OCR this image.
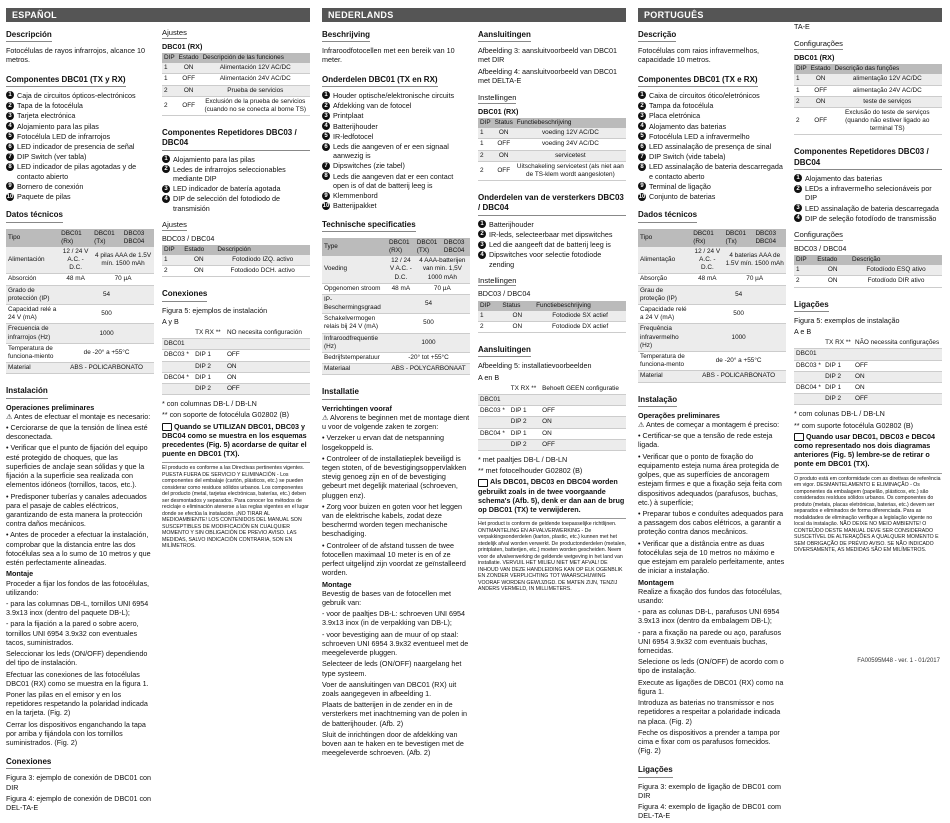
ESPAÑOL
Descripción

Fotocélulas de rayos infrarrojos, alcance 10 metros.

Componentes DBC01 (TX y RX)
1 Caja de circuitos ópticos-electrónicos
2 Tapa de la fotocélula
3 Tarjeta electrónica
4 Alojamiento para las pilas
5 Fotocélula LED de infrarrojos
6 LED indicador de presencia de señal
7 DIP Switch (ver tabla)
8 LED indicador de pilas agotadas y de contacto abierto
9 Bornero de conexión
10 Paquete de pilas
Datos técnicos
Tipo	DBC01 (Rx)	DBC01 (Tx)	DBC03 DBC04
Alimentación	12 / 24 V A.C. - D.C.	4 pilas AAA de 1.5V mín. 1500 mAh	
Absorción	48 mA	70 µA	
Grado de protección (IP)	54		
Capacidad relé a 24 V (mA)	500		
Frecuencia de infrarrojos (Hz)	1000		
Temperatura de funciona-miento	de -20° a +55°C		
Material	ABS - POLICARBONATO		
Instalación
Operaciones preliminares

⚠ Antes de efectuar el montaje es necesario:

• Cerciorarse de que la tensión de línea esté desconectada.

• Verificar que el punto de fijación del equipo esté protegido de choques, que las superficies de anclaje sean sólidas y que la fijación a la superficie sea realizada con elementos idóneos (tornillos, tacos, etc.).

• Predisponer tuberías y canales adecuados para el pasaje de cables eléctricos, garantizando de esta manera la protección contra daños mecánicos.

• Antes de proceder a efectuar la instalación, comprobar que la distancia entre las dos fotocélulas sea a lo sumo de 10 metros y que estén perfectamente alineadas.

Montaje

Proceder a fijar los fondos de las fotocélulas, utilizando:

- para las columnas DB-L, tornillos UNI 6954 3.9x13 inox (dentro del paquete DB-L);

- para la fijación a la pared o sobre acero, tornillos UNI 6954 3.9x32 con eventuales tacos, suministrados.

Seleccionar los leds (ON/OFF) dependiendo del tipo de instalación.

Efectuar las conexiones de las fotocélulas DBC01 (RX) como se muestra en la figura 1.

Poner las pilas en el emisor y en los repetidores respetando la polaridad indicada en la tarjeta. (Fig. 2)

Cerrar los dispositivos enganchando la tapa por arriba y fijándola con los tornillos suministrados. (Fig. 2)

Conexiones

Figura 3: ejemplo de conexión de DBC01 con DIR

Figura 4: ejemplo de conexión de DBC01 con DEL-TA-E

Ajustes
DBC01 (RX)
DIP	Estado	Descripción de las funciones
1	ON	Alimentación 12V AC/DC
1	OFF	Alimentación 24V AC/DC
2	ON	Prueba de servicios
2	OFF	Exclusión de la prueba de servicios (cuando no se conecta al borne TS)
Componentes Repetidores DBC03 / DBC04
1 Alojamiento para las pilas
2 Ledes de infrarrojos seleccionables mediante DIP
3 LED indicador de batería agotada
4 DIP de selección del fotodiodo de transmisión
Ajustes
BDC03 / DBC04
DIP	Estado	Descripción
1	ON	Fotodiodo IZQ. activo
2	ON	Fotodiodo DCH. activo
Conexiones

Figura 5: ejemplos de instalación

A y B

	TX RX **	NO necesita configuración
DBC01		
DBC03 *	DIP 1	OFF
	DIP 2	ON
DBC04 *	DIP 1	ON
	DIP 2	OFF

* con columnas DB-L / DB-LN

** con soporte de fotocélula G02802 (B)

Quando se UTILIZAN DBC01, DBC03 y DBC04 como se muestra en los esquemas precedentes (Fig. 5) acordarse de quitar el puente en DBC01 (TX).

El producto es conforme a las Directivas pertinentes vigentes. PUESTA FUERA DE SERVICIO Y ELIMINACIÓN - Los componentes del embalaje (cartón, plásticos, etc.) se pueden considerar como residuos sólidos urbanos. Los componentes del producto (metal, tarjetas electrónicas, baterías, etc.) deben ser desmontados y separados. Para conocer los métodos de reciclaje o eliminación atenerse a las reglas vigentes en el lugar donde se efectúa la instalación. ¡NO TIRAR AL MEDIOAMBIENTE! LOS CONTENIDOS DEL MANUAL SON SUSCEPTIBLES DE MODIFICACIÓN EN CUALQUIER MOMENTO Y SIN OBLIGACIÓN DE PREVIO AVISO. LAS MEDIDAS, SALVO INDICACIÓN CONTRARIA, SON EN MILÍMETROS.
NEDERLANDS
Beschrijving

Infraroodfotocellen met een bereik van 10 meter.

Onderdelen DBC01 (TX en RX)
1 Houder optische/elektronische circuits
2 Afdekking van de fotocel
3 Printplaat
4 Batterijhouder
5 IR-ledfotocel
6 Leds die aangeven of er een signaal aanwezig is
7 Dipswitches (zie tabel)
8 Leds die aangeven dat er een contact open is of dat de batterij leeg is
9 Klemmenbord
10 Batterijpakket
Technische specificaties
Type	DBC01 (RX)	DBC01 (TX)	DBC03 DBC04
Voeding	12 / 24 V A.C. - D.C.	4 AAA-batterijen van min. 1,5V 1000 mAh	
Opgenomen stroom	48 mA	70 µA	
IP-Beschermingsgraad	54		
Schakelvermogen relais bij 24 V (mA)	500		
Infraroodfrequentie (Hz)	1000		
Bedrijfstemperatuur	-20° tot +55°C		
Materiaal	ABS - POLYCARBONAAT		
Installatie
Verrichtingen vooraf

⚠ Alvorens te beginnen met de montage dient u voor de volgende zaken te zorgen:

• Verzeker u ervan dat de netspanning losgekoppeld is.

• Controleer of de installatieplek beveiligd is tegen stoten, of de bevestigingsoppervlakken stevig genoeg zijn en of de bevestiging gebeurt met degelijk materiaal (schroeven, pluggen enz).

• Zorg voor buizen en goten voor het leggen van de elektrische kabels, zodat deze beschermd worden tegen mechanische beschadiging.

• Controleer of de afstand tussen de twee fotocellen maximaal 10 meter is en of ze perfect uitgelijnd zijn voordat ze geïnstalleerd worden.

Montage

Bevestig de bases van de fotocellen met gebruik van:

- voor de paaltjes DB-L: schroeven UNI 6954 3.9x13 inox (in de verpakking van DB-L);

- voor bevestiging aan de muur of op staal: schroeven UNI 6954 3.9x32 eventueel met de meegeleverde pluggen.

Selecteer de leds (ON/OFF) naargelang het type systeem.

Voer de aansluitingen van DBC01 (RX) uit zoals aangegeven in afbeelding 1.

Plaats de batterijen in de zender en in de versterkers met inachtneming van de polen in de batterijhouder. (Afb. 2)

Sluit de inrichtingen door de afdekking van boven aan te haken en te bevestigen met de meegeleverde schroeven. (Afb. 2)

Aansluitingen

Afbeelding 3: aansluitvoorbeeld van DBC01 met DIR

Afbeelding 4: aansluitvoorbeeld van DBC01 met DELTA-E

Instellingen
DBC01 (RX)
DIP	Status	Functiebeschrijving
1	ON	voeding 12V AC/DC
1	OFF	voeding 24V AC/DC
2	ON	servicetest
2	OFF	Uitschakeling servicetest (als niet aan de TS-klem wordt aangesloten)
Onderdelen van de versterkers DBC03 / DBC04
1 Batterijhouder
2 IR-leds, selecteerbaar met dipswitches
3 Led die aangeeft dat de batterij leeg is
4 Dipswitches voor selectie fotodiode zending
Instellingen
BDC03 / DBC04
DIP	Status	Functiebeschrijving
1	ON	Fotodiode SX actief
2	ON	Fotodiode DX actief
Aansluitingen

Afbeelding 5: installatievoorbeelden

A en B

	TX RX **	Behoeft GEEN configuratie
DBC01		
DBC03 *	DIP 1	OFF
	DIP 2	ON
DBC04 *	DIP 1	ON
	DIP 2	OFF

* met paaltjes DB-L / DB-LN

** met fotocelhouder G02802 (B)

Als DBC01, DBC03 en DBC04 worden gebruikt zoals in de twee voorgaande schema's (Afb. 5), denk er dan aan de brug op DBC01 (TX) te verwijderen.

Het product is conform de geldende toepasselijke richtlijnen. ONTMANTELING EN AFVALVERWERKING - De verpakkingsonderdelen (karton, plastic, etc.) kunnen met het stedelijk afval worden verwerkt. De productonderdelen (metalen, printplaten, batterijen, etc.) moeten worden gescheiden. Neem voor de afvalverwerking de geldende wetgeving in het land van installatie. VERVUIL HET MILIEU NIET MET AFVAL! DE INHOUD VAN DEZE HANDLEIDING KAN OP ELK OGENBLIK EN ZONDER VERPLICHTING TOT WAARSCHUWING VOORAF WORDEN GEWIJZIGD. DE MATEN ZIJN, TENZIJ ANDERS VERMELD, IN MILLIMETERS.
PORTUGUÊS
Descrição

Fotocélulas com raios infravermelhos, capacidade 10 metros.

Componentes DBC01 (TX e RX)
1 Caixa de circuitos ótico/eletrónicos
2 Tampa da fotocélula
3 Placa eletrónica
4 Alojamento das baterias
5 Fotocélula LED a infravermelho
6 LED assinalação de presença de sinal
7 DIP Switch (vide tabela)
8 LED assinalação de bateria descarregada e contacto aberto
9 Terminal de ligação
10 Conjunto de baterias
Dados técnicos
Tipo	DBC01 (Rx)	DBC01 (Tx)	DBC03 DBC04
Alimentação	12 / 24 V A.C. - D.C.	4 baterias AAA de 1.5V mín. 1500 mAh	
Absorção	48 mA	70 µA	
Grau de proteção (IP)	54		
Capacidade relé a 24 V (mA)	500		
Frequência infravermelho (Hz)	1000		
Temperatura de funciona-mento	de -20° a +55°C		
Material	ABS - POLICARBONATO		
Instalação
Operações preliminares

⚠ Antes de começar a montagem é preciso:

• Certificar-se que a tensão de rede esteja ligada.

• Verificar que o ponto de fixação do equipamento esteja numa área protegida de golpes, que as superfícies de ancoragem estejam firmes e que a fixação seja feita com dispositivos adequados (parafusos, buchas, etc.) à superfície;

• Preparar tubos e conduítes adequados para a passagem dos cabos elétricos, a garantir a proteção contra danos mecânicos.

• Verificar que a distância entre as duas fotocélulas seja de 10 metros no máximo e que estejam em paralelo perfeitamente, antes de iniciar a instalação.

Montagem

Realize a fixação dos fundos das fotocélulas, usando:

- para as colunas DB-L, parafusos UNI 6954 3.9x13 inox (dentro da embalagem DB-L);

- para a fixação na parede ou aço, parafusos UNI 6954 3.9x32 com eventuais buchas, fornecidas.

Selecione os leds (ON/OFF) de acordo com o tipo de instalação.

Execute as ligações de DBC01 (RX) como na figura 1.

Introduza as baterias no transmissor e nos repetidores a respeitar a polaridade indicada na placa. (Fig. 2)

Feche os dispositivos a prender a tampa por cima e fixar com os parafusos fornecidos. (Fig. 2)

Ligações

Figura 3: exemplo de ligação de DBC01 com DIR

Figura 4: exemplo de ligação de DBC01 com DEL-TA-E

TA-E

Configurações
DBC01 (RX)
DIP	Estado	Descrição das funções
1	ON	alimentação 12V AC/DC
1	OFF	alimentação 24V AC/DC
2	ON	teste de serviços
2	OFF	Exclusão do teste de serviços (quando não estiver ligado ao terminal TS)
Componentes Repetidores DBC03 / DBC04
1 Alojamento das baterias
2 LEDs a infravermelho selecionáveis por DIP
3 LED assinalação de bateria descarregada
4 DIP de seleção fotodíodo de transmissão
Configurações
BDC03 / DBC04
DIP	Estado	Descrição
1	ON	Fotodíodo ESQ ativo
2	ON	Fotodíodo DIR ativo
Ligações

Figura 5: exemplos de instalação

A e B

	TX RX **	NÃO necessita configurações
DBC01		
DBC03 *	DIP 1	OFF
	DIP 2	ON
DBC04 *	DIP 1	ON
	DIP 2	OFF

* com colunas DB-L / DB-LN

** com suporte fotocélula G02802 (B)

Quando usar DBC01, DBC03 e DBC04 como representado nos dois diagramas anteriores (Fig. 5) lembre-se de retirar o ponte em DBC01 (TX).

O produto está em conformidade com as diretivas de referência em vigor. DESMANTELAMENTO E ELIMINAÇÃO - Os componentes da embalagem (papelão, plásticos, etc.) são considerados resíduos sólidos urbanos. Os componentes do produto (metais, placas eletrónicas, baterias, etc.) devem ser separados e eliminados de forma diferenciada. Para as modalidades de eliminação verifique a legislação vigente no local da instalação. NÃO DEIXE NO MEIO AMBIENTE! O CONTEÚDO DESTE MANUAL DEVE SER CONSIDERADO SUSCETÍVEL DE ALTERAÇÕES A QUALQUER MOMENTO E SEM OBRIGAÇÃO DE PRÉVIO AVISO. SE NÃO INDICADO DIVERSAMENTE, AS MEDIDAS SÃO EM MILÍMETROS.
FA00595M48 - ver. 1 - 01/2017
